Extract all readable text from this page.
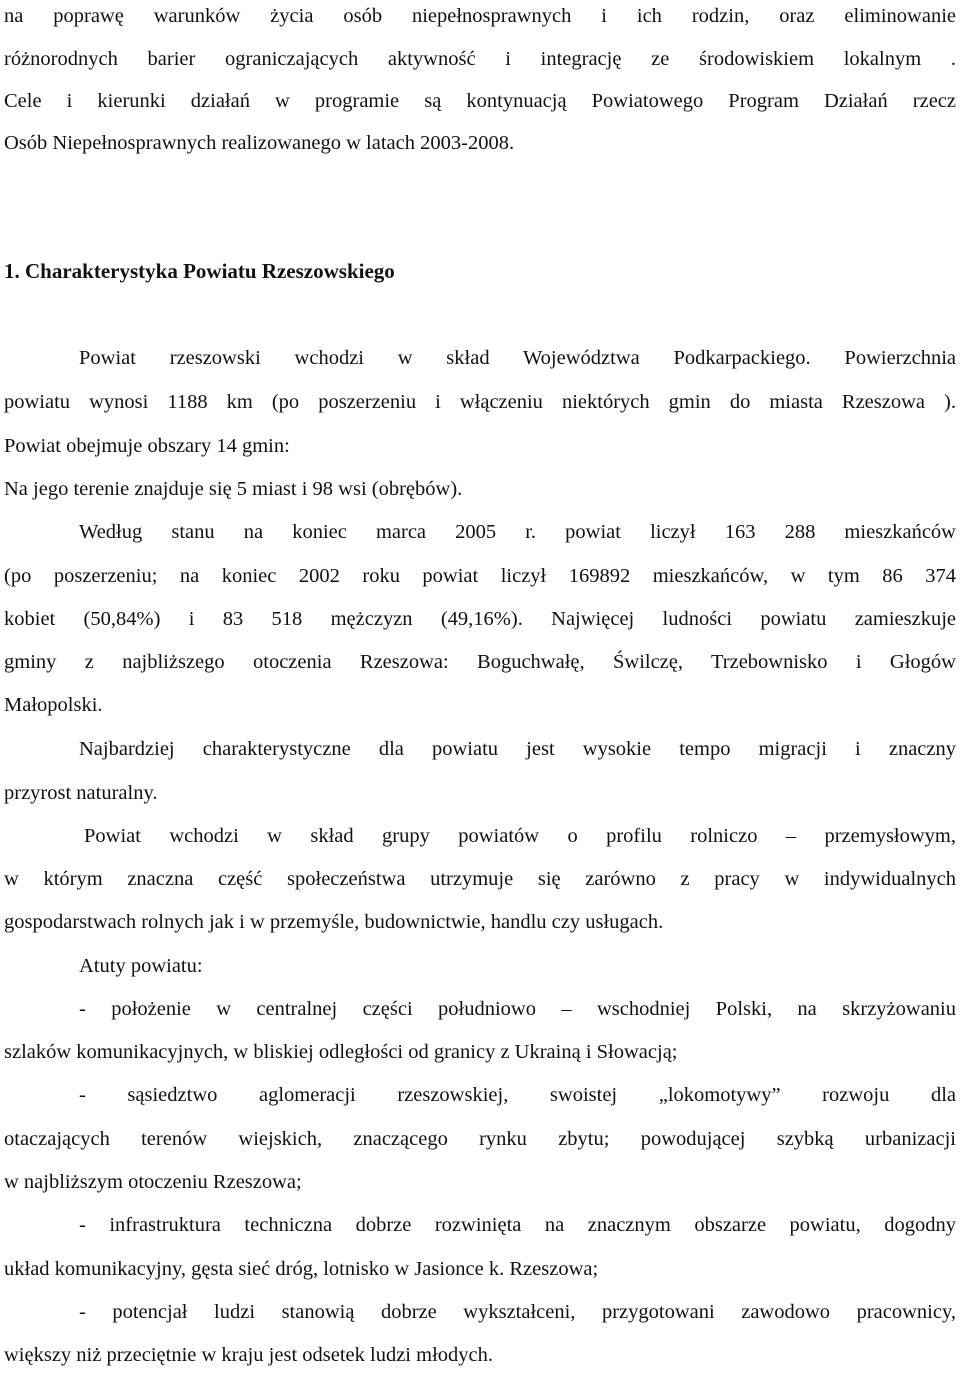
na poprawę warunków życia osób niepełnosprawnych i ich rodzin, oraz eliminowanie
różnorodnych barier ograniczających aktywność i integrację ze środowiskiem lokalnym .
Cele i kierunki działań w programie są kontynuacją Powiatowego Program Działań rzecz
Osób Niepełnosprawnych realizowanego w latach 2003-2008.
1. Charakterystyka Powiatu Rzeszowskiego
Powiat rzeszowski wchodzi w skład Województwa Podkarpackiego. Powierzchnia
powiatu wynosi 1188 km (po poszerzeniu i włączeniu niektórych gmin do miasta Rzeszowa ).
Powiat obejmuje obszary 14 gmin:
Na jego terenie znajduje się 5 miast i 98 wsi (obrębów).
Według stanu na koniec marca 2005 r. powiat liczył 163 288 mieszkańców
(po poszerzeniu; na koniec 2002 roku powiat liczył 169892 mieszkańców, w tym 86 374
kobiet (50,84%) i 83 518 mężczyzn (49,16%). Najwięcej ludności powiatu zamieszkuje
gminy z najbliższego otoczenia Rzeszowa: Boguchwałę, Świlczę, Trzebownisko i Głogów
Małopolski.
Najbardziej charakterystyczne dla powiatu jest wysokie tempo migracji i znaczny
przyrost naturalny.
Powiat wchodzi w skład grupy powiatów o profilu rolniczo – przemysłowym,
w którym znaczna część społeczeństwa utrzymuje się zarówno z pracy w indywidualnych
gospodarstwach rolnych jak i w przemyśle, budownictwie, handlu czy usługach.
Atuty powiatu:
- położenie w centralnej części południowo – wschodniej Polski, na skrzyżowaniu
szlaków komunikacyjnych, w bliskiej odległości od granicy z Ukrainą i Słowacją;
- sąsiedztwo aglomeracji rzeszowskiej, swoistej „lokomotywy” rozwoju dla
otaczających terenów wiejskich, znaczącego rynku zbytu; powodującej szybką urbanizacji
w najbliższym otoczeniu Rzeszowa;
- infrastruktura techniczna dobrze rozwinięta na znacznym obszarze powiatu, dogodny
układ komunikacyjny, gęsta sieć dróg, lotnisko w Jasionce k. Rzeszowa;
- potencjał ludzi stanowią dobrze wykształceni, przygotowani zawodowo pracownicy,
większy niż przeciętnie w kraju jest odsetek ludzi młodych.
